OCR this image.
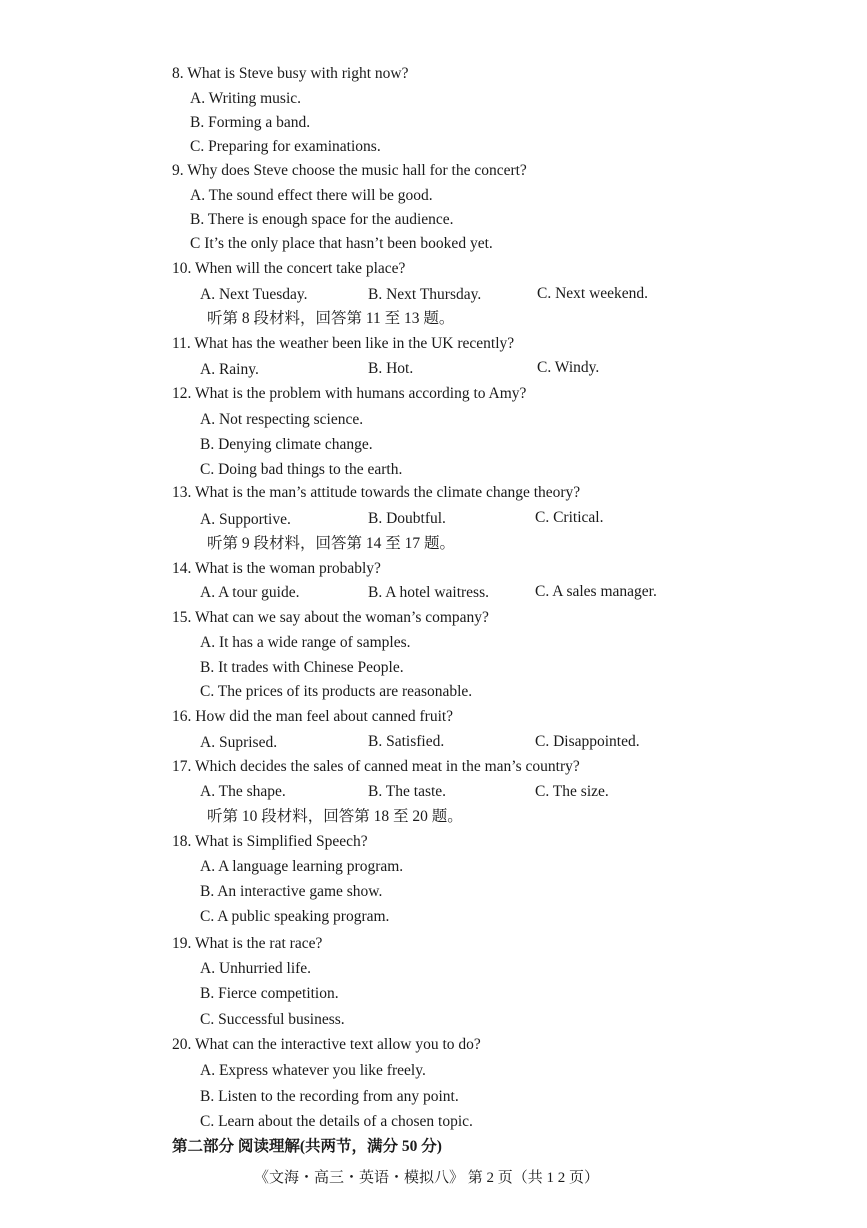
8. What is Steve busy with right now?
A. Writing music.
B. Forming a band.
C. Preparing for examinations.
9. Why does Steve choose the music hall for the concert?
A. The sound effect there will be good.
B. There is enough space for the audience.
C It’s the only place that hasn’t been booked yet.
10. When will the concert take place?
A. Next Tuesday.	B. Next Thursday.	C. Next weekend.
听第 8 段材料，回答第 11 至 13 题。
11. What has the weather been like in the UK recently?
A. Rainy.	B. Hot.	C. Windy.
12. What is the problem with humans according to Amy?
A. Not respecting science.
B. Denying climate change.
C. Doing bad things to the earth.
13. What is the man’s attitude towards the climate change theory?
A. Supportive.	B. Doubtful.	C. Critical.
听第 9 段材料，回答第 14 至 17 题。
14. What is the woman probably?
A. A tour guide.	B. A hotel waitress.	C. A sales manager.
15. What can we say about the woman’s company?
A. It has a wide range of samples.
B. It trades with Chinese People.
C. The prices of its products are reasonable.
16. How did the man feel about canned fruit?
A. Suprised.	B. Satisfied.	C. Disappointed.
17. Which decides the sales of canned meat in the man’s country?
A. The shape.	B. The taste.	C. The size.
听第 10 段材料，回答第 18 至 20 题。
18. What is Simplified Speech?
A. A language learning program.
B. An interactive game show.
C. A public speaking program.
19. What is the rat race?
A. Unhurried life.
B. Fierce competition.
C. Successful business.
20. What can the interactive text allow you to do?
A. Express whatever you like freely.
B. Listen to the recording from any point.
C. Learn about the details of a chosen topic.
第二部分 阅读理解(共两节，满分 50 分)
《文海・高三・英语・模拟八》 第 2 页（共 1 2 页）
